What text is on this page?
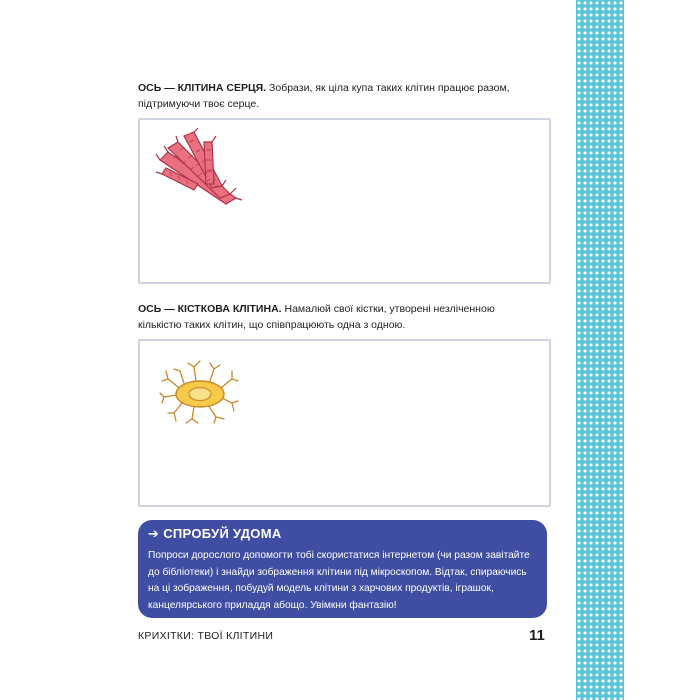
ОСЬ — КЛІТИНА СЕРЦЯ. Зобрази, як ціла купа таких клітин працює разом, підтримуючи твоє серце.

ОСЬ — КІСТКОВА КЛІТИНА. Намалюй свої кістки, утворені незліченною кількістю таких клітин, що співпрацюють одна з одною.

➔ СПРОБУЙ УДОМА
Попроси дорослого допомогти тобі скористатися інтернетом (чи разом завітайте до бібліотеки) і знайди зображення клітини під мікроскопом. Відтак, спираючись на ці зображення, побудуй модель клітини з харчових продуктів, іграшок, канцелярського приладдя абощо. Увімкни фантазію!
КРИХІТКИ: ТВОЇ КЛІТИНИ	11
